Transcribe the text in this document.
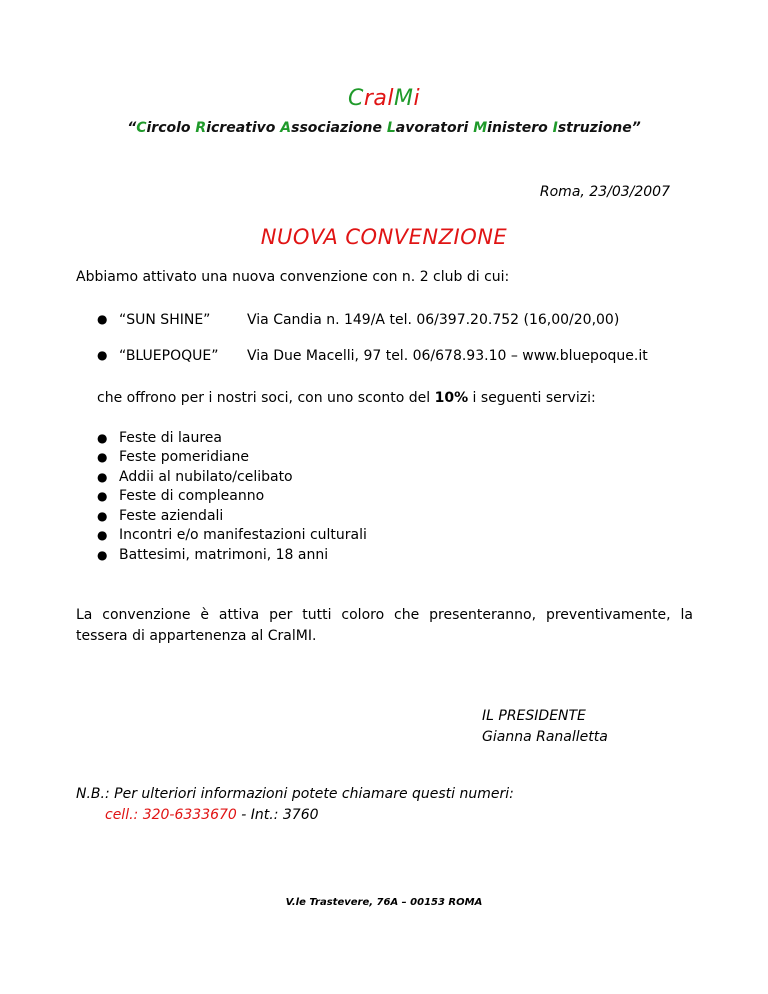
CralMi
“Circolo Ricreativo Associazione Lavoratori Ministero Istruzione”
Roma, 23/03/2007
NUOVA CONVENZIONE
Abbiamo attivato una nuova convenzione con n. 2 club di cui:
● “SUN SHINE”	Via Candia n. 149/A tel. 06/397.20.752 (16,00/20,00)
● “BLUEPOQUE”	Via Due Macelli, 97 tel. 06/678.93.10 – www.bluepoque.it
che offrono per i nostri soci, con uno sconto del 10% i seguenti servizi:
● Feste di laurea
● Feste pomeridiane
● Addii al nubilato/celibato
● Feste di compleanno
● Feste aziendali
● Incontri e/o manifestazioni culturali
● Battesimi, matrimoni, 18 anni
La convenzione è attiva per tutti coloro che presenteranno, preventivamente, la tessera di appartenenza al CralMI.
IL PRESIDENTE
Gianna Ranalletta
N.B.: Per ulteriori informazioni potete chiamare questi numeri:
cell.: 320-6333670 - Int.: 3760
V.le Trastevere, 76A – 00153 ROMA
